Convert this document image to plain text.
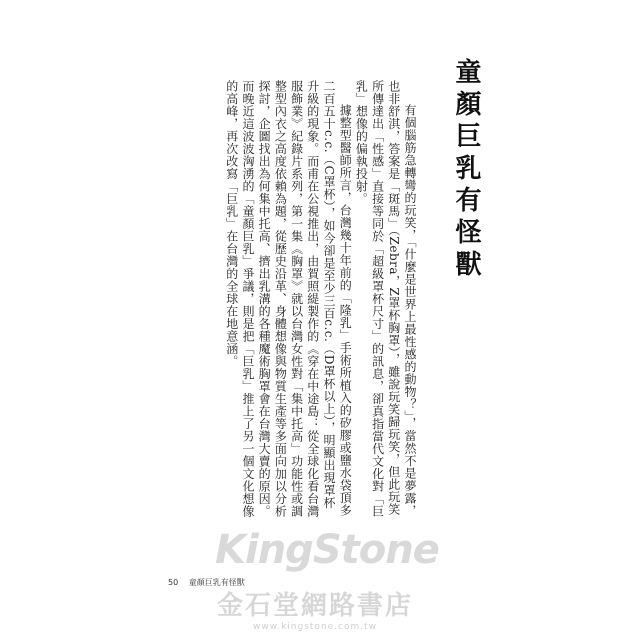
童顏巨乳有怪獸

有個腦筋急轉彎的玩笑，「什麼是世界上最性感的動物？」，當然不是夢露，也非舒淇，答案是「斑馬」（Zebra，Z罩杯胸罩），雖說玩笑歸玩笑，但此玩笑所傳達出「性感」直接等同於「超級罩杯尺寸」的訊息，卻真指當代文化對「巨乳」想像的偏執投射。

據整型醫師所言，台灣幾十年前的「隆乳」手術所植入的矽膠或鹽水袋頂多二百五十c.c.（C罩杯），如今卻是至少三百c.c.（D罩杯以上），明顯出現罩杯升級的現象。而甫在公視推出，由賀照緹製作的《穿在中途島：從全球化看台灣服飾業》紀錄片系列，第一集《胸罩》就以台灣女性對「集中托高」功能性或調整型內衣之高度依賴為題，從歷史沿革、身體想像與物質生產等多面向加以分析探討，企圖找出為何集中托高、擠出乳溝的各種魔術胸罩會在台灣大賣的原因。而晚近這波波洶湧的「童顏巨乳」爭議，則是把「巨乳」推上了另一個文化想像的高峰，再次改寫「巨乳」在台灣的全球在地意涵。

50 童顏巨乳有怪獸
KingStone
金石堂網路書店
www.kingstone.com.tw
